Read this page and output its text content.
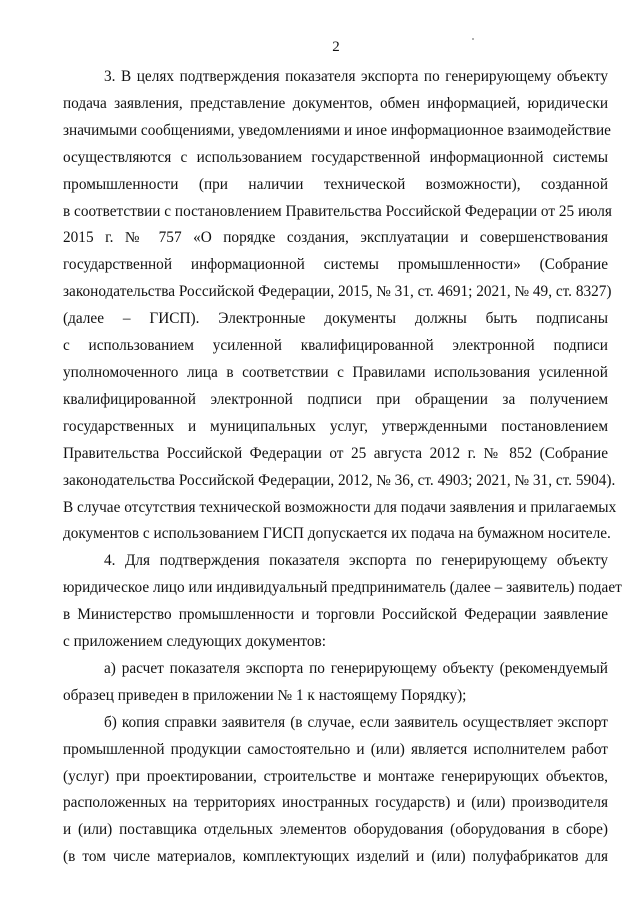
2

3. В целях подтверждения показателя экспорта по генерирующему объекту
подача заявления, представление документов, обмен информацией, юридически
значимыми сообщениями, уведомлениями и иное информационное взаимодействие
осуществляются с использованием государственной информационной системы
промышленности (при наличии технической возможности), созданной
в соответствии с постановлением Правительства Российской Федерации от 25 июля
2015 г. № 757 «О порядке создания, эксплуатации и совершенствования
государственной информационной системы промышленности» (Собрание
законодательства Российской Федерации, 2015, № 31, ст. 4691; 2021, № 49, ст. 8327)
(далее – ГИСП). Электронные документы должны быть подписаны
с использованием усиленной квалифицированной электронной подписи
уполномоченного лица в соответствии с Правилами использования усиленной
квалифицированной электронной подписи при обращении за получением
государственных и муниципальных услуг, утвержденными постановлением
Правительства Российской Федерации от 25 августа 2012 г. № 852 (Собрание
законодательства Российской Федерации, 2012, № 36, ст. 4903; 2021, № 31, ст. 5904).
В случае отсутствия технической возможности для подачи заявления и прилагаемых
документов с использованием ГИСП допускается их подача на бумажном носителе.

4. Для подтверждения показателя экспорта по генерирующему объекту
юридическое лицо или индивидуальный предприниматель (далее – заявитель) подает
в Министерство промышленности и торговли Российской Федерации заявление
с приложением следующих документов:

а) расчет показателя экспорта по генерирующему объекту (рекомендуемый
образец приведен в приложении № 1 к настоящему Порядку);

б) копия справки заявителя (в случае, если заявитель осуществляет экспорт
промышленной продукции самостоятельно и (или) является исполнителем работ
(услуг) при проектировании, строительстве и монтаже генерирующих объектов,
расположенных на территориях иностранных государств) и (или) производителя
и (или) поставщика отдельных элементов оборудования (оборудования в сборе)
(в том числе материалов, комплектующих изделий и (или) полуфабрикатов для
